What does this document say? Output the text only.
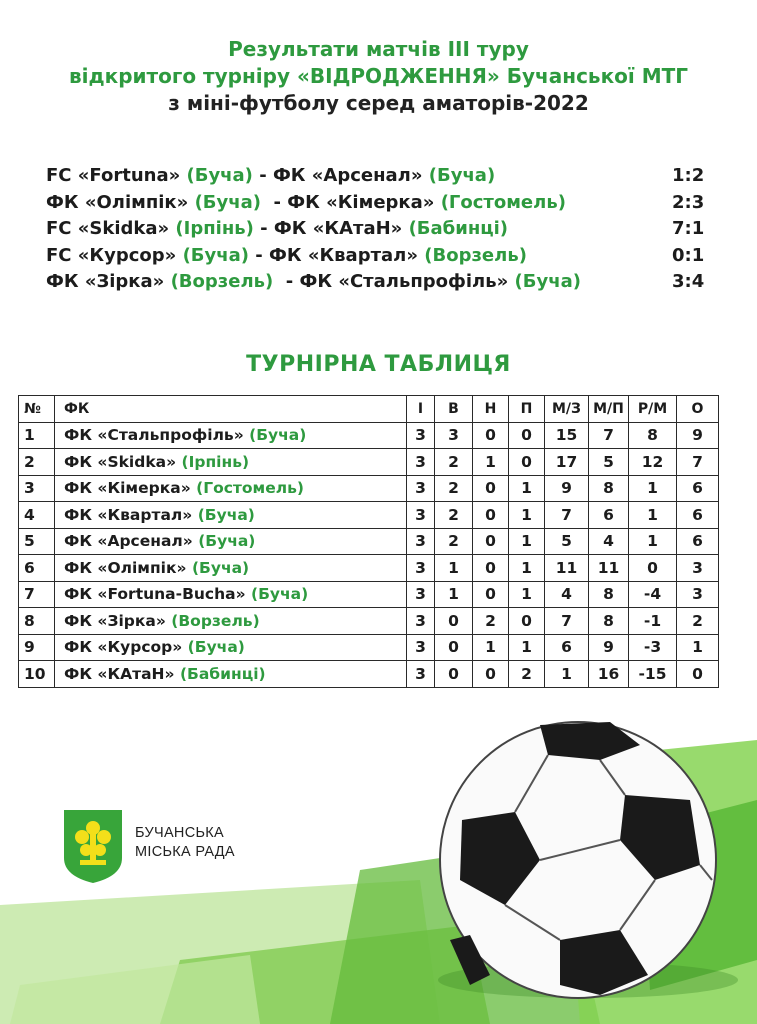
Результати матчів ІІІ туру
відкритого турніру «ВІДРОДЖЕННЯ» Бучанської МТГ
з міні-футболу серед аматорів-2022
FC «Fortuna» (Буча) - ФК «Арсенал» (Буча)	1:2
ФК «Олімпік» (Буча)  - ФК «Кімерка» (Гостомель)	2:3
FC «Skidka» (Ірпінь) - ФК «КАтаН» (Бабинці)	7:1
FC «Курсор» (Буча) - ФК «Квартал» (Ворзель)	0:1
ФК «Зірка» (Ворзель)  - ФК «Стальпрофіль» (Буча)	3:4
ТУРНІРНА ТАБЛИЦЯ
№	ФК	І	В	Н	П	М/З	М/П	Р/М	О
1	ФК «Стальпрофіль» (Буча)	3	3	0	0	15	7	8	9
2	ФК «Skidka» (Ірпінь)	3	2	1	0	17	5	12	7
3	ФК «Кімерка» (Гостомель)	3	2	0	1	9	8	1	6
4	ФК «Квартал» (Буча)	3	2	0	1	7	6	1	6
5	ФК «Арсенал» (Буча)	3	2	0	1	5	4	1	6
6	ФК «Олімпік» (Буча)	3	1	0	1	11	11	0	3
7	ФК «Fortuna-Bucha» (Буча)	3	1	0	1	4	8	-4	3
8	ФК «Зірка» (Ворзель)	3	0	2	0	7	8	-1	2
9	ФК «Курсор» (Буча)	3	0	1	1	6	9	-3	1
10	ФК «КАтаН» (Бабинці)	3	0	0	2	1	16	-15	0
БУЧАНСЬКА
МІСЬКА РАДА
